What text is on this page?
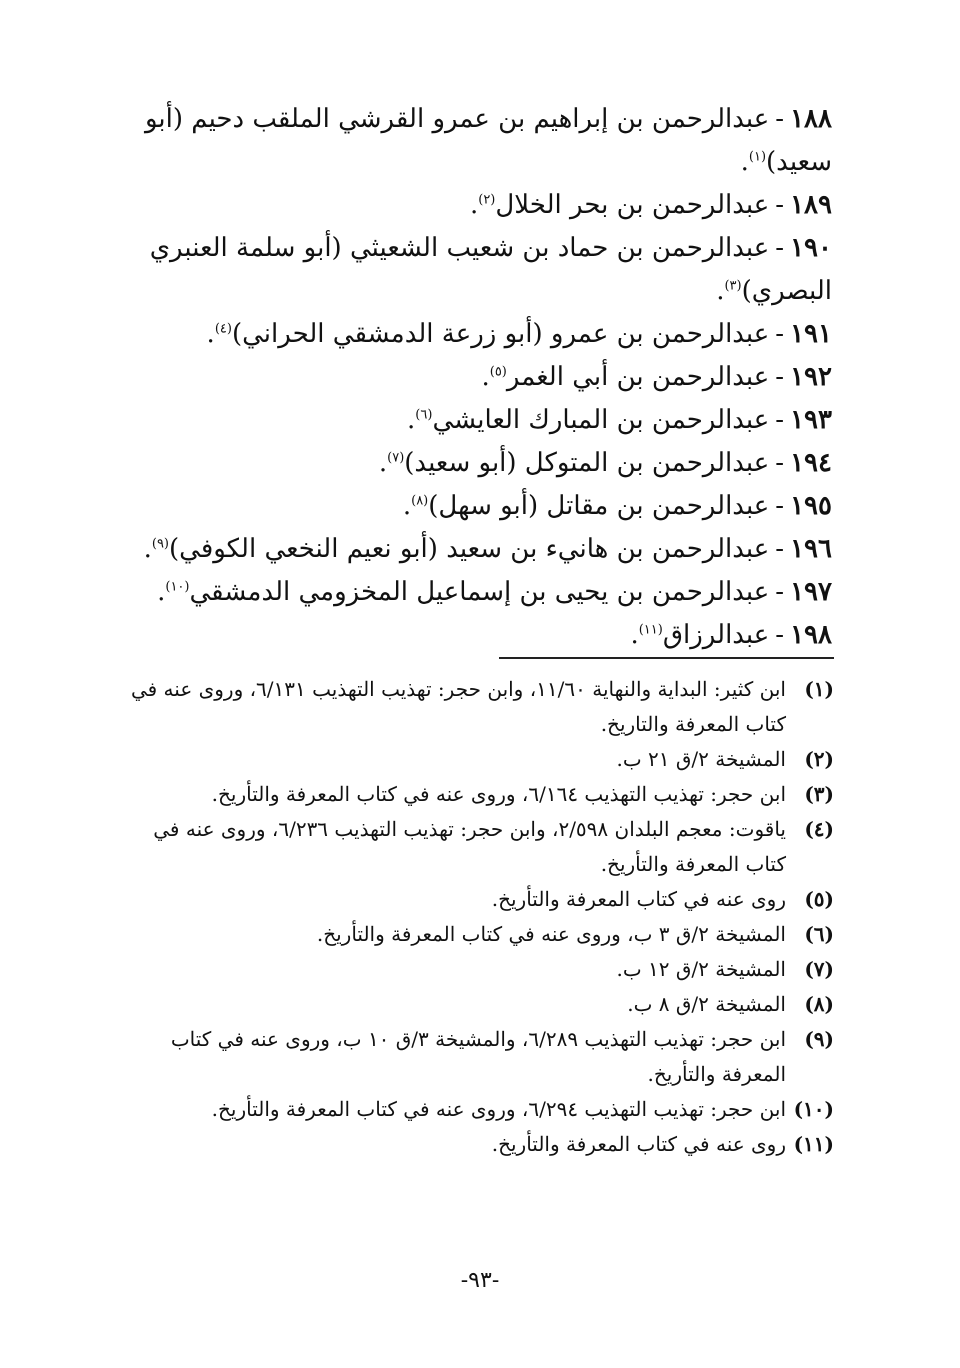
١٨٨-عبدالرحمن بن إبراهيم بن عمرو القرشي الملقب دحيم (أبو سعيد)$^{(١)}$.
١٨٩-عبدالرحمن بن بحر الخلال$^{(٢)}$.
١٩٠-عبدالرحمن بن حماد بن شعيب الشعيثي (أبو سلمة العنبري البصري)$^{(٣)}$.
١٩١-عبدالرحمن بن عمرو (أبو زرعة الدمشقي الحراني)$^{(٤)}$.
١٩٢-عبدالرحمن بن أبي الغمر$^{(٥)}$.
١٩٣-عبدالرحمن بن المبارك العايشي$^{(٦)}$.
١٩٤-عبدالرحمن بن المتوكل (أبو سعيد)$^{(٧)}$.
١٩٥-عبدالرحمن بن مقاتل (أبو سهل)$^{(٨)}$.
١٩٦-عبدالرحمن بن هانيء بن سعيد (أبو نعيم النخعي الكوفي)$^{(٩)}$.
١٩٧-عبدالرحمن بن يحيى بن إسماعيل المخزومي الدمشقي$^{(١٠)}$.
١٩٨-عبدالرزاق$^{(١١)}$.
(١)
ابن كثير: البداية والنهاية ١١/٦٠، وابن حجر: تهذيب التهذيب ٦/١٣١، وروى عنه في كتاب المعرفة والتاريخ.
(٢)
المشيخة ٢/ق ٢١ ب.
(٣)
ابن حجر: تهذيب التهذيب ٦/١٦٤، وروى عنه في كتاب المعرفة والتأريخ.
(٤)
ياقوت: معجم البلدان ٢/٥٩٨، وابن حجر: تهذيب التهذيب ٦/٢٣٦، وروى عنه في كتاب المعرفة والتأريخ.
(٥)
روى عنه في كتاب المعرفة والتأريخ.
(٦)
المشيخة ٢/ق ٣ ب، وروى عنه في كتاب المعرفة والتأريخ.
(٧)
المشيخة ٢/ق ١٢ ب.
(٨)
المشيخة ٢/ق ٨ ب.
(٩)
ابن حجر: تهذيب التهذيب ٦/٢٨٩، والمشيخة ٣/ق ١٠ ب، وروى عنه في كتاب المعرفة والتأريخ.
(١٠)
ابن حجر: تهذيب التهذيب ٦/٢٩٤، وروى عنه في كتاب المعرفة والتأريخ.
(١١)
روى عنه في كتاب المعرفة والتأريخ.
-٩٣-
